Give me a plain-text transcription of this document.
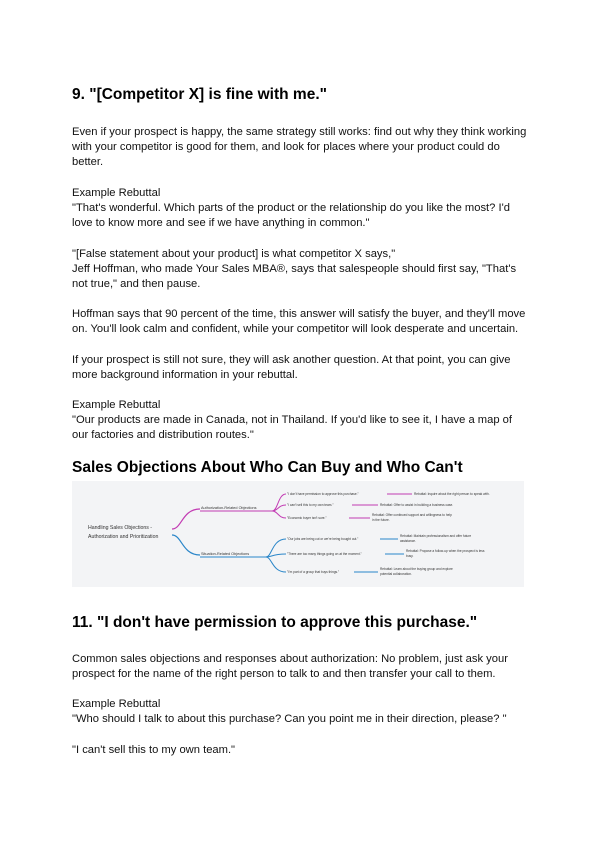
9. "[Competitor X] is fine with me."

Even if your prospect is happy, the same strategy still works: find out why they think working with your competitor is good for them, and look for places where your product could do better.

Example Rebuttal

"That's wonderful. Which parts of the product or the relationship do you like the most? I'd love to know more and see if we have anything in common."

"[False statement about your product] is what competitor X says,"

Jeff Hoffman, who made Your Sales MBA®, says that salespeople should first say, "That's not true," and then pause.

Hoffman says that 90 percent of the time, this answer will satisfy the buyer, and they'll move on. You'll look calm and confident, while your competitor will look desperate and uncertain.

If your prospect is still not sure, they will ask another question. At that point, you can give more background information in your rebuttal.

Example Rebuttal

"Our products are made in Canada, not in Thailand. If you'd like to see it, I have a map of our factories and distribution routes."

Sales Objections About Who Can Buy and Who Can't
Handling Sales Objections -
Authorization and Prioritization
Authorization-Related Objections
Situation-Related Objections
"I don't have permission to approve this purchase."	Rebuttal: Inquire about the right person to speak with.
"I can't sell this to my own team."	Rebuttal: Offer to assist in building a business case.
"Economic buyer isn't sure."
Rebuttal: Offer continued support and willingness to help
in the future.
"Our jobs are being cut or we're being bought out."
Rebuttal: Maintain professionalism and offer future
assistance.
"There are too many things going on at the moment."
Rebuttal: Propose a follow-up when the prospect is less
busy.
"I'm part of a group that buys things."
Rebuttal: Learn about the buying group and explore
potential collaboration.
11. "I don't have permission to approve this purchase."

Common sales objections and responses about authorization: No problem, just ask your prospect for the name of the right person to talk to and then transfer your call to them.

Example Rebuttal

"Who should I talk to about this purchase? Can you point me in their direction, please? "

"I can't sell this to my own team."
